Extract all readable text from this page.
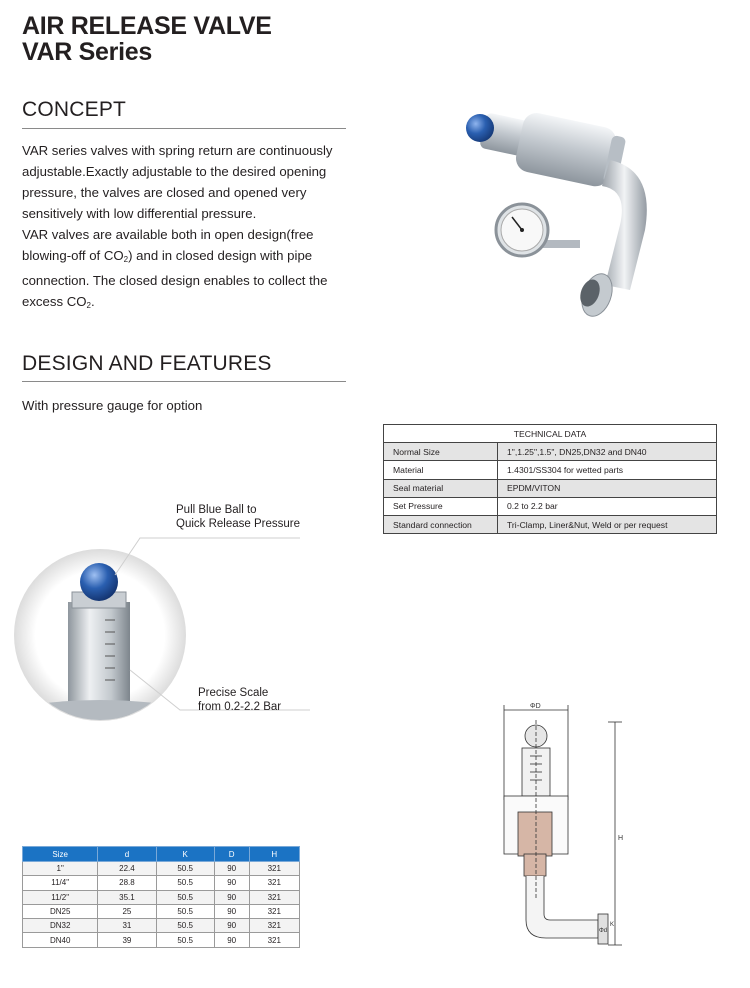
AIR RELEASE VALVE
VAR Series
CONCEPT

VAR series valves with spring return are continuously adjustable.Exactly adjustable to the desired opening pressure, the valves are closed and opened very sensitively with low differential pressure.

VAR valves are available both in open design(free blowing-off of $CO_2$) and in closed design with pipe connection. The closed design enables to collect the excess $CO_2$.

DESIGN AND FEATURES
With pressure gauge for option
TECHNICAL DATA	
Normal Size	1",1.25",1.5", DN25,DN32 and DN40
Material	1.4301/SS304 for wetted parts
Seal material	EPDM/VITON
Set Pressure	0.2 to 2.2 bar
Standard connection	Tri-Clamp, Liner&Nut, Weld or per request
Pull Blue Ball to
Quick Release Pressure
Precise Scale
from 0.2-2.2 Bar	ΦD
H
Φd
K
Size	d	K	D	H
1"	22.4	50.5	90	321
11/4"	28.8	50.5	90	321
11/2"	35.1	50.5	90	321
DN25	25	50.5	90	321
DN32	31	50.5	90	321
DN40	39	50.5	90	321
